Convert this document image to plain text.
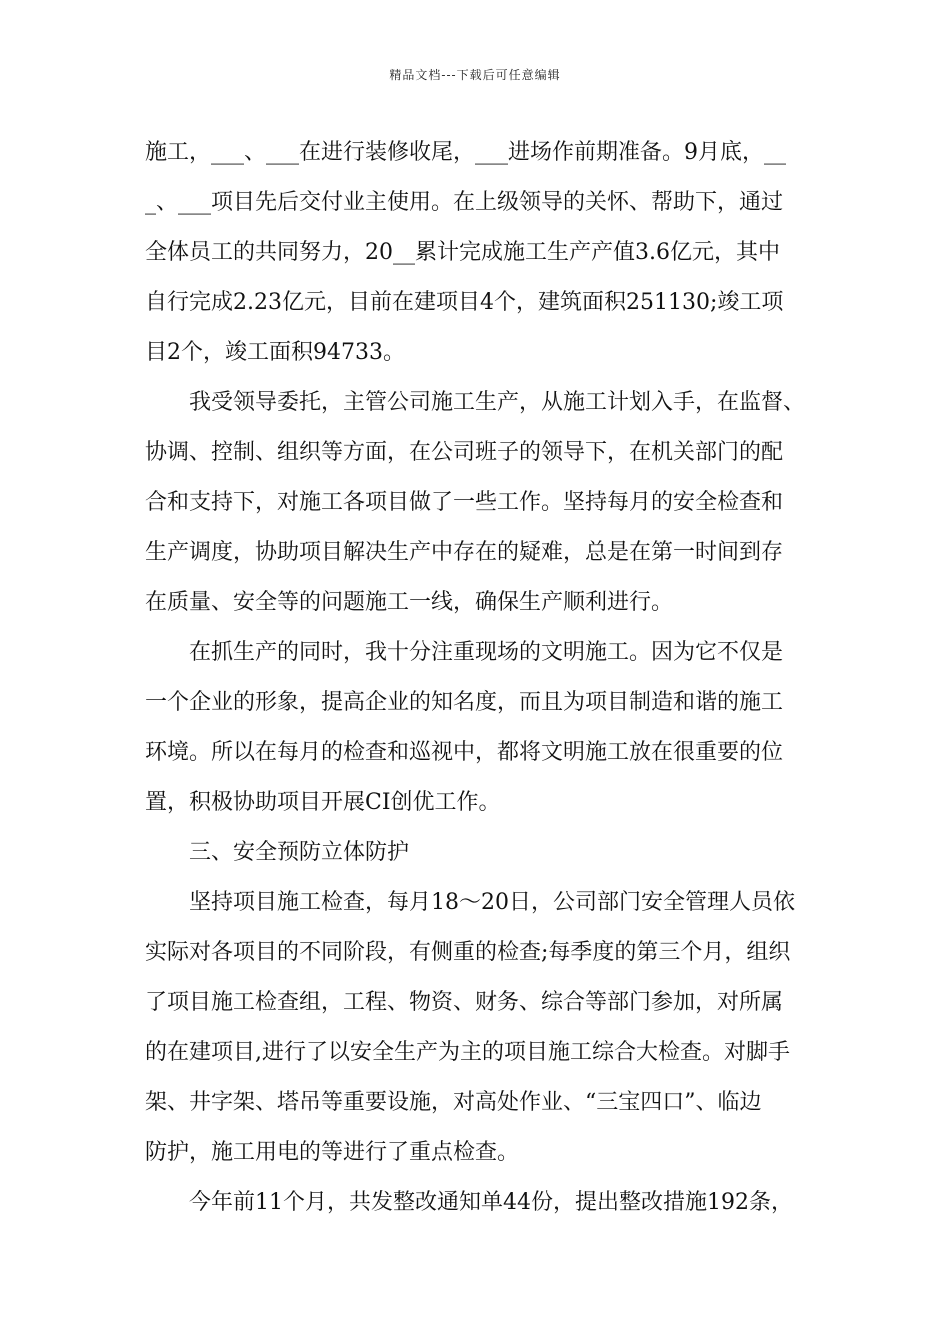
精品文档---下载后可任意编辑
施工，___、___在进行装修收尾，___进场作前期准备。9月底，__
_、___项目先后交付业主使用。在上级领导的关怀、帮助下，通过
全体员工的共同努力，20__累计完成施工生产产值3.6亿元，其中
自行完成2.23亿元，目前在建项目4个，建筑面积251130;竣工项
目2个，竣工面积94733。
我受领导委托，主管公司施工生产，从施工计划入手，在监督、
协调、控制、组织等方面，在公司班子的领导下，在机关部门的配
合和支持下，对施工各项目做了一些工作。坚持每月的安全检查和
生产调度，协助项目解决生产中存在的疑难，总是在第一时间到存
在质量、安全等的问题施工一线，确保生产顺利进行。
在抓生产的同时，我十分注重现场的文明施工。因为它不仅是
一个企业的形象，提高企业的知名度，而且为项目制造和谐的施工
环境。所以在每月的检查和巡视中，都将文明施工放在很重要的位
置，积极协助项目开展CI创优工作。
三、安全预防立体防护
坚持项目施工检查，每月18～20日，公司部门安全管理人员依
实际对各项目的不同阶段，有侧重的检查;每季度的第三个月，组织
了项目施工检查组，工程、物资、财务、综合等部门参加，对所属
的在建项目,进行了以安全生产为主的项目施工综合大检查。对脚手
架、井字架、塔吊等重要设施，对高处作业、“三宝四口”、临边
防护，施工用电的等进行了重点检查。
今年前11个月，共发整改通知单44份，提出整改措施192条，
